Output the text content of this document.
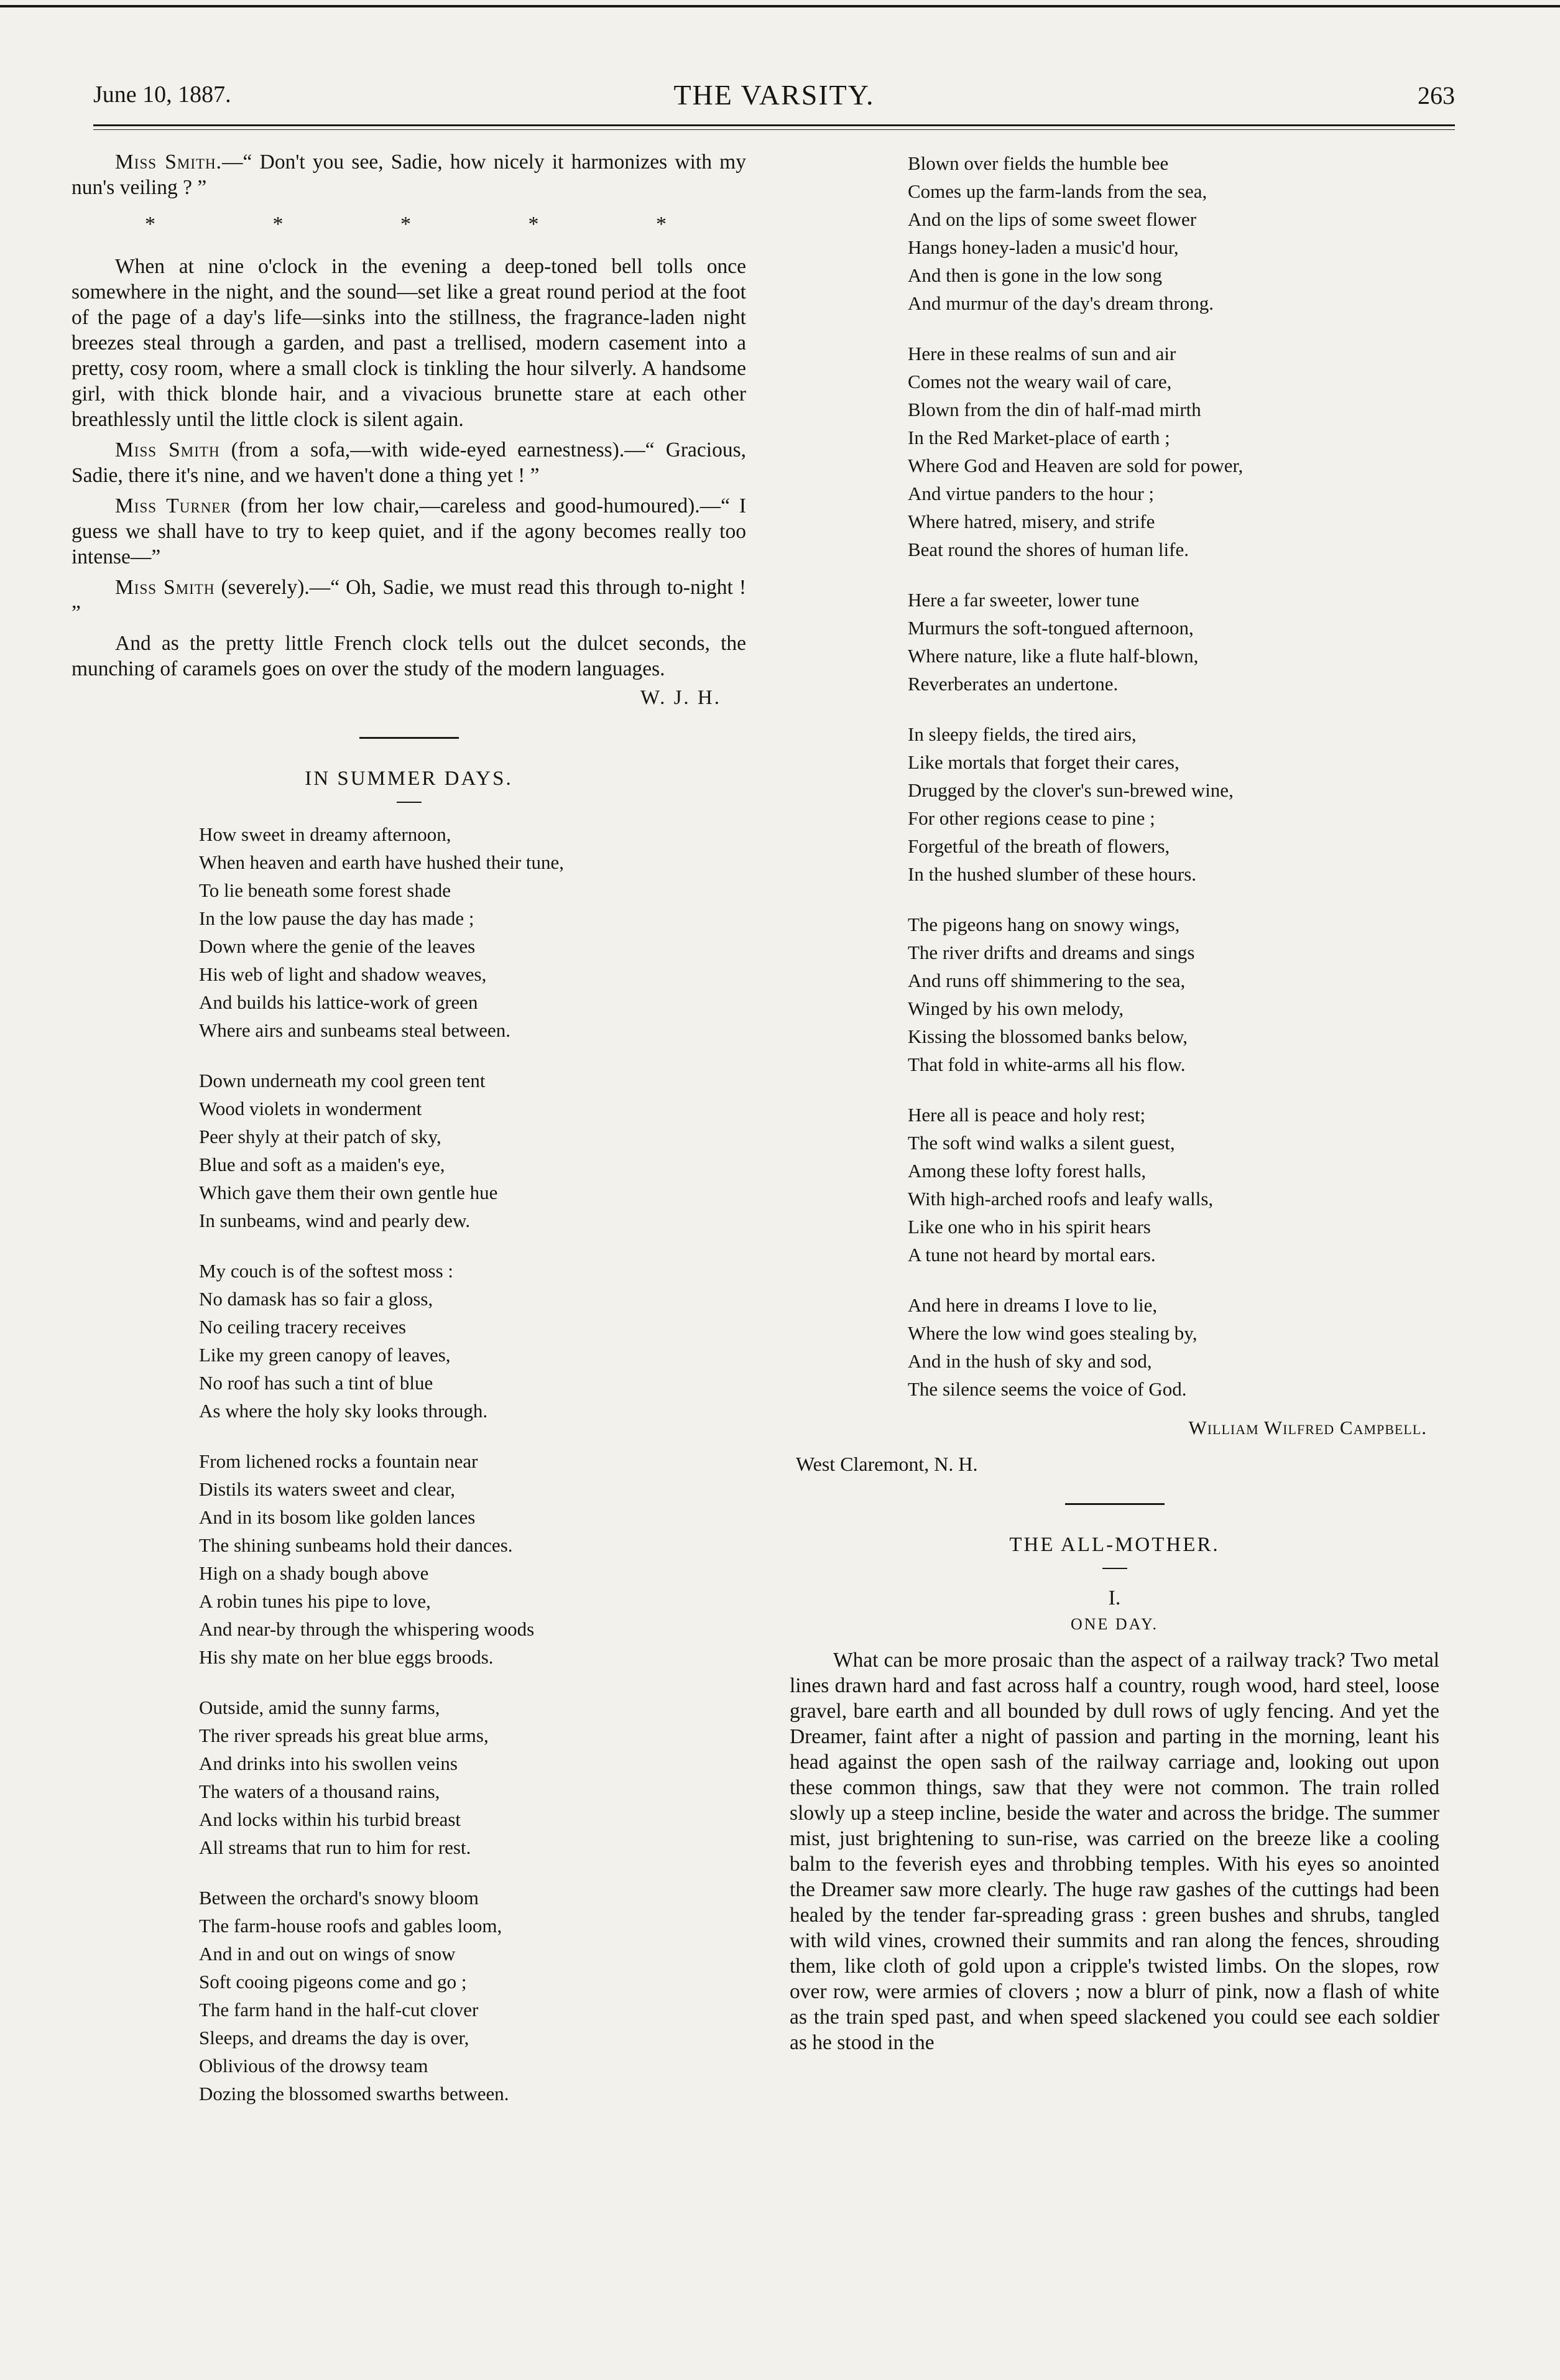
June 10, 1887.	THE VARSITY.	263

Miss Smith.—“ Don't you see, Sadie, how nicely it harmonizes with my nun's veiling ? ”

* * * * *

When at nine o'clock in the evening a deep-toned bell tolls once somewhere in the night, and the sound—set like a great round period at the foot of the page of a day's life—sinks into the stillness, the fragrance-laden night breezes steal through a garden, and past a trellised, modern casement into a pretty, cosy room, where a small clock is tinkling the hour silverly. A handsome girl, with thick blonde hair, and a vivacious brunette stare at each other breathlessly until the little clock is silent again.

Miss Smith (from a sofa,—with wide-eyed earnestness).—“ Gracious, Sadie, there it's nine, and we haven't done a thing yet ! ”

Miss Turner (from her low chair,—careless and good-humoured).—“ I guess we shall have to try to keep quiet, and if the agony becomes really too intense—”

Miss Smith (severely).—“ Oh, Sadie, we must read this through to-night ! ”

And as the pretty little French clock tells out the dulcet seconds, the munching of caramels goes on over the study of the modern languages.

W. J. H.
IN SUMMER DAYS.
How sweet in dreamy afternoon,
When heaven and earth have hushed their tune,
To lie beneath some forest shade
In the low pause the day has made ;
Down where the genie of the leaves
His web of light and shadow weaves,
And builds his lattice-work of green
Where airs and sunbeams steal between.
Down underneath my cool green tent
Wood violets in wonderment
Peer shyly at their patch of sky,
Blue and soft as a maiden's eye,
Which gave them their own gentle hue
In sunbeams, wind and pearly dew.
My couch is of the softest moss :
No damask has so fair a gloss,
No ceiling tracery receives
Like my green canopy of leaves,
No roof has such a tint of blue
As where the holy sky looks through.
From lichened rocks a fountain near
Distils its waters sweet and clear,
And in its bosom like golden lances
The shining sunbeams hold their dances.
High on a shady bough above
A robin tunes his pipe to love,
And near-by through the whispering woods
His shy mate on her blue eggs broods.
Outside, amid the sunny farms,
The river spreads his great blue arms,
And drinks into his swollen veins
The waters of a thousand rains,
And locks within his turbid breast
All streams that run to him for rest.
Between the orchard's snowy bloom
The farm-house roofs and gables loom,
And in and out on wings of snow
Soft cooing pigeons come and go ;
The farm hand in the half-cut clover
Sleeps, and dreams the day is over,
Oblivious of the drowsy team
Dozing the blossomed swarths between.
Blown over fields the humble bee
Comes up the farm-lands from the sea,
And on the lips of some sweet flower
Hangs honey-laden a music'd hour,
And then is gone in the low song
And murmur of the day's dream throng.
Here in these realms of sun and air
Comes not the weary wail of care,
Blown from the din of half-mad mirth
In the Red Market-place of earth ;
Where God and Heaven are sold for power,
And virtue panders to the hour ;
Where hatred, misery, and strife
Beat round the shores of human life.
Here a far sweeter, lower tune
Murmurs the soft-tongued afternoon,
Where nature, like a flute half-blown,
Reverberates an undertone.
In sleepy fields, the tired airs,
Like mortals that forget their cares,
Drugged by the clover's sun-brewed wine,
For other regions cease to pine ;
Forgetful of the breath of flowers,
In the hushed slumber of these hours.
The pigeons hang on snowy wings,
The river drifts and dreams and sings
And runs off shimmering to the sea,
Winged by his own melody,
Kissing the blossomed banks below,
That fold in white-arms all his flow.
Here all is peace and holy rest;
The soft wind walks a silent guest,
Among these lofty forest halls,
With high-arched roofs and leafy walls,
Like one who in his spirit hears
A tune not heard by mortal ears.
And here in dreams I love to lie,
Where the low wind goes stealing by,
And in the hush of sky and sod,
The silence seems the voice of God.
William Wilfred Campbell.
West Claremont, N. H.
THE ALL-MOTHER.
I.
ONE DAY.

What can be more prosaic than the aspect of a railway track? Two metal lines drawn hard and fast across half a country, rough wood, hard steel, loose gravel, bare earth and all bounded by dull rows of ugly fencing. And yet the Dreamer, faint after a night of passion and parting in the morning, leant his head against the open sash of the railway carriage and, looking out upon these common things, saw that they were not common. The train rolled slowly up a steep incline, beside the water and across the bridge. The summer mist, just brightening to sun-rise, was carried on the breeze like a cooling balm to the feverish eyes and throbbing temples. With his eyes so anointed the Dreamer saw more clearly. The huge raw gashes of the cuttings had been healed by the tender far-spreading grass : green bushes and shrubs, tangled with wild vines, crowned their summits and ran along the fences, shrouding them, like cloth of gold upon a cripple's twisted limbs. On the slopes, row over row, were armies of clovers ; now a blurr of pink, now a flash of white as the train sped past, and when speed slackened you could see each soldier as he stood in the
